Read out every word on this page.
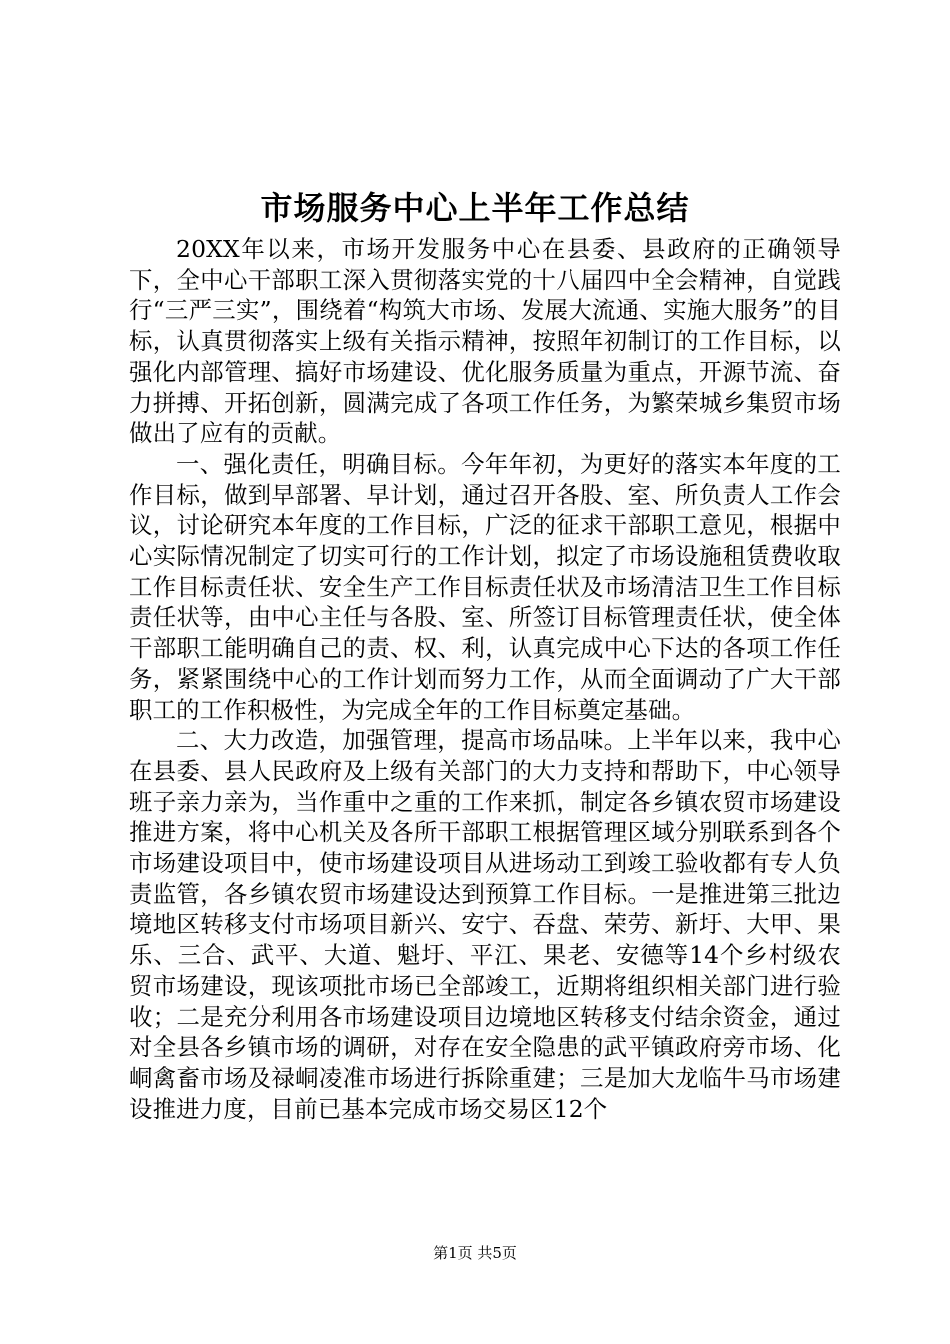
市场服务中心上半年工作总结

20XX年以来，市场开发服务中心在县委、县政府的正确领导下，全中心干部职工深入贯彻落实党的十八届四中全会精神，自觉践行“三严三实”，围绕着“构筑大市场、发展大流通、实施大服务”的目标，认真贯彻落实上级有关指示精神，按照年初制订的工作目标，以强化内部管理、搞好市场建设、优化服务质量为重点，开源节流、奋力拼搏、开拓创新，圆满完成了各项工作任务，为繁荣城乡集贸市场做出了应有的贡献。

一、强化责任，明确目标。今年年初，为更好的落实本年度的工作目标，做到早部署、早计划，通过召开各股、室、所负责人工作会议，讨论研究本年度的工作目标，广泛的征求干部职工意见，根据中心实际情况制定了切实可行的工作计划，拟定了市场设施租赁费收取工作目标责任状、安全生产工作目标责任状及市场清洁卫生工作目标责任状等，由中心主任与各股、室、所签订目标管理责任状，使全体干部职工能明确自己的责、权、利，认真完成中心下达的各项工作任务，紧紧围绕中心的工作计划而努力工作，从而全面调动了广大干部职工的工作积极性，为完成全年的工作目标奠定基础。

二、大力改造，加强管理，提高市场品味。上半年以来，我中心在县委、县人民政府及上级有关部门的大力支持和帮助下，中心领导班子亲力亲为，当作重中之重的工作来抓，制定各乡镇农贸市场建设推进方案，将中心机关及各所干部职工根据管理区域分别联系到各个市场建设项目中，使市场建设项目从进场动工到竣工验收都有专人负责监管，各乡镇农贸市场建设达到预算工作目标。一是推进第三批边境地区转移支付市场项目新兴、安宁、吞盘、荣劳、新圩、大甲、果乐、三合、武平、大道、魁圩、平江、果老、安德等14个乡村级农贸市场建设，现该项批市场已全部竣工，近期将组织相关部门进行验收；二是充分利用各市场建设项目边境地区转移支付结余资金，通过对全县各乡镇市场的调研，对存在安全隐患的武平镇政府旁市场、化峒禽畜市场及禄峒凌准市场进行拆除重建；三是加大龙临牛马市场建设推进力度，目前已基本完成市场交易区12个

第1页 共5页
